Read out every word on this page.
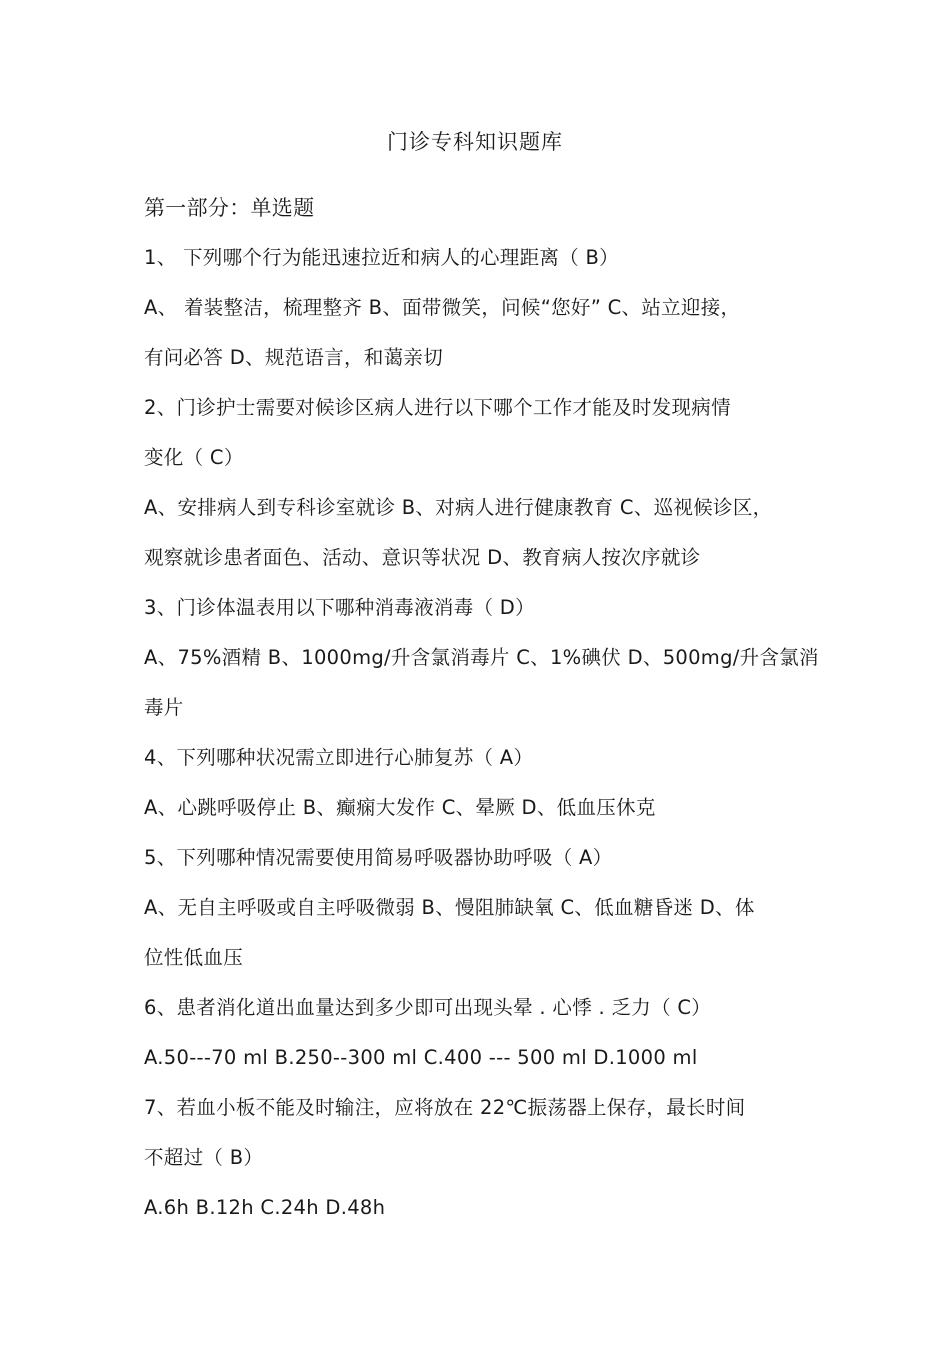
门诊专科知识题库
第一部分：单选题
1、 下列哪个行为能迅速拉近和病人的心理距离（ B）
A、 着装整洁，梳理整齐 B、面带微笑，问候“您好” C、站立迎接，
有问必答 D、规范语言，和蔼亲切
2、门诊护士需要对候诊区病人进行以下哪个工作才能及时发现病情
变化（ C）
A、安排病人到专科诊室就诊 B、对病人进行健康教育 C、巡视候诊区，
观察就诊患者面色、活动、意识等状况 D、教育病人按次序就诊
3、门诊体温表用以下哪种消毒液消毒（ D）
A、75%酒精 B、1000mg/升含氯消毒片 C、1%碘伏 D、500mg/升含氯消
毒片
4、下列哪种状况需立即进行心肺复苏（ A）
A、心跳呼吸停止 B、癫痫大发作 C、晕厥 D、低血压休克
5、下列哪种情况需要使用简易呼吸器协助呼吸（ A）
A、无自主呼吸或自主呼吸微弱 B、慢阻肺缺氧 C、低血糖昏迷 D、体
位性低血压
6、患者消化道出血量达到多少即可出现头晕 . 心悸 . 乏力（ C）
A.50---70 ml B.250--300 ml C.400 --- 500 ml D.1000 ml
7、若血小板不能及时输注，应将放在 22℃振荡器上保存，最长时间
不超过（ B）
A.6h B.12h C.24h D.48h
